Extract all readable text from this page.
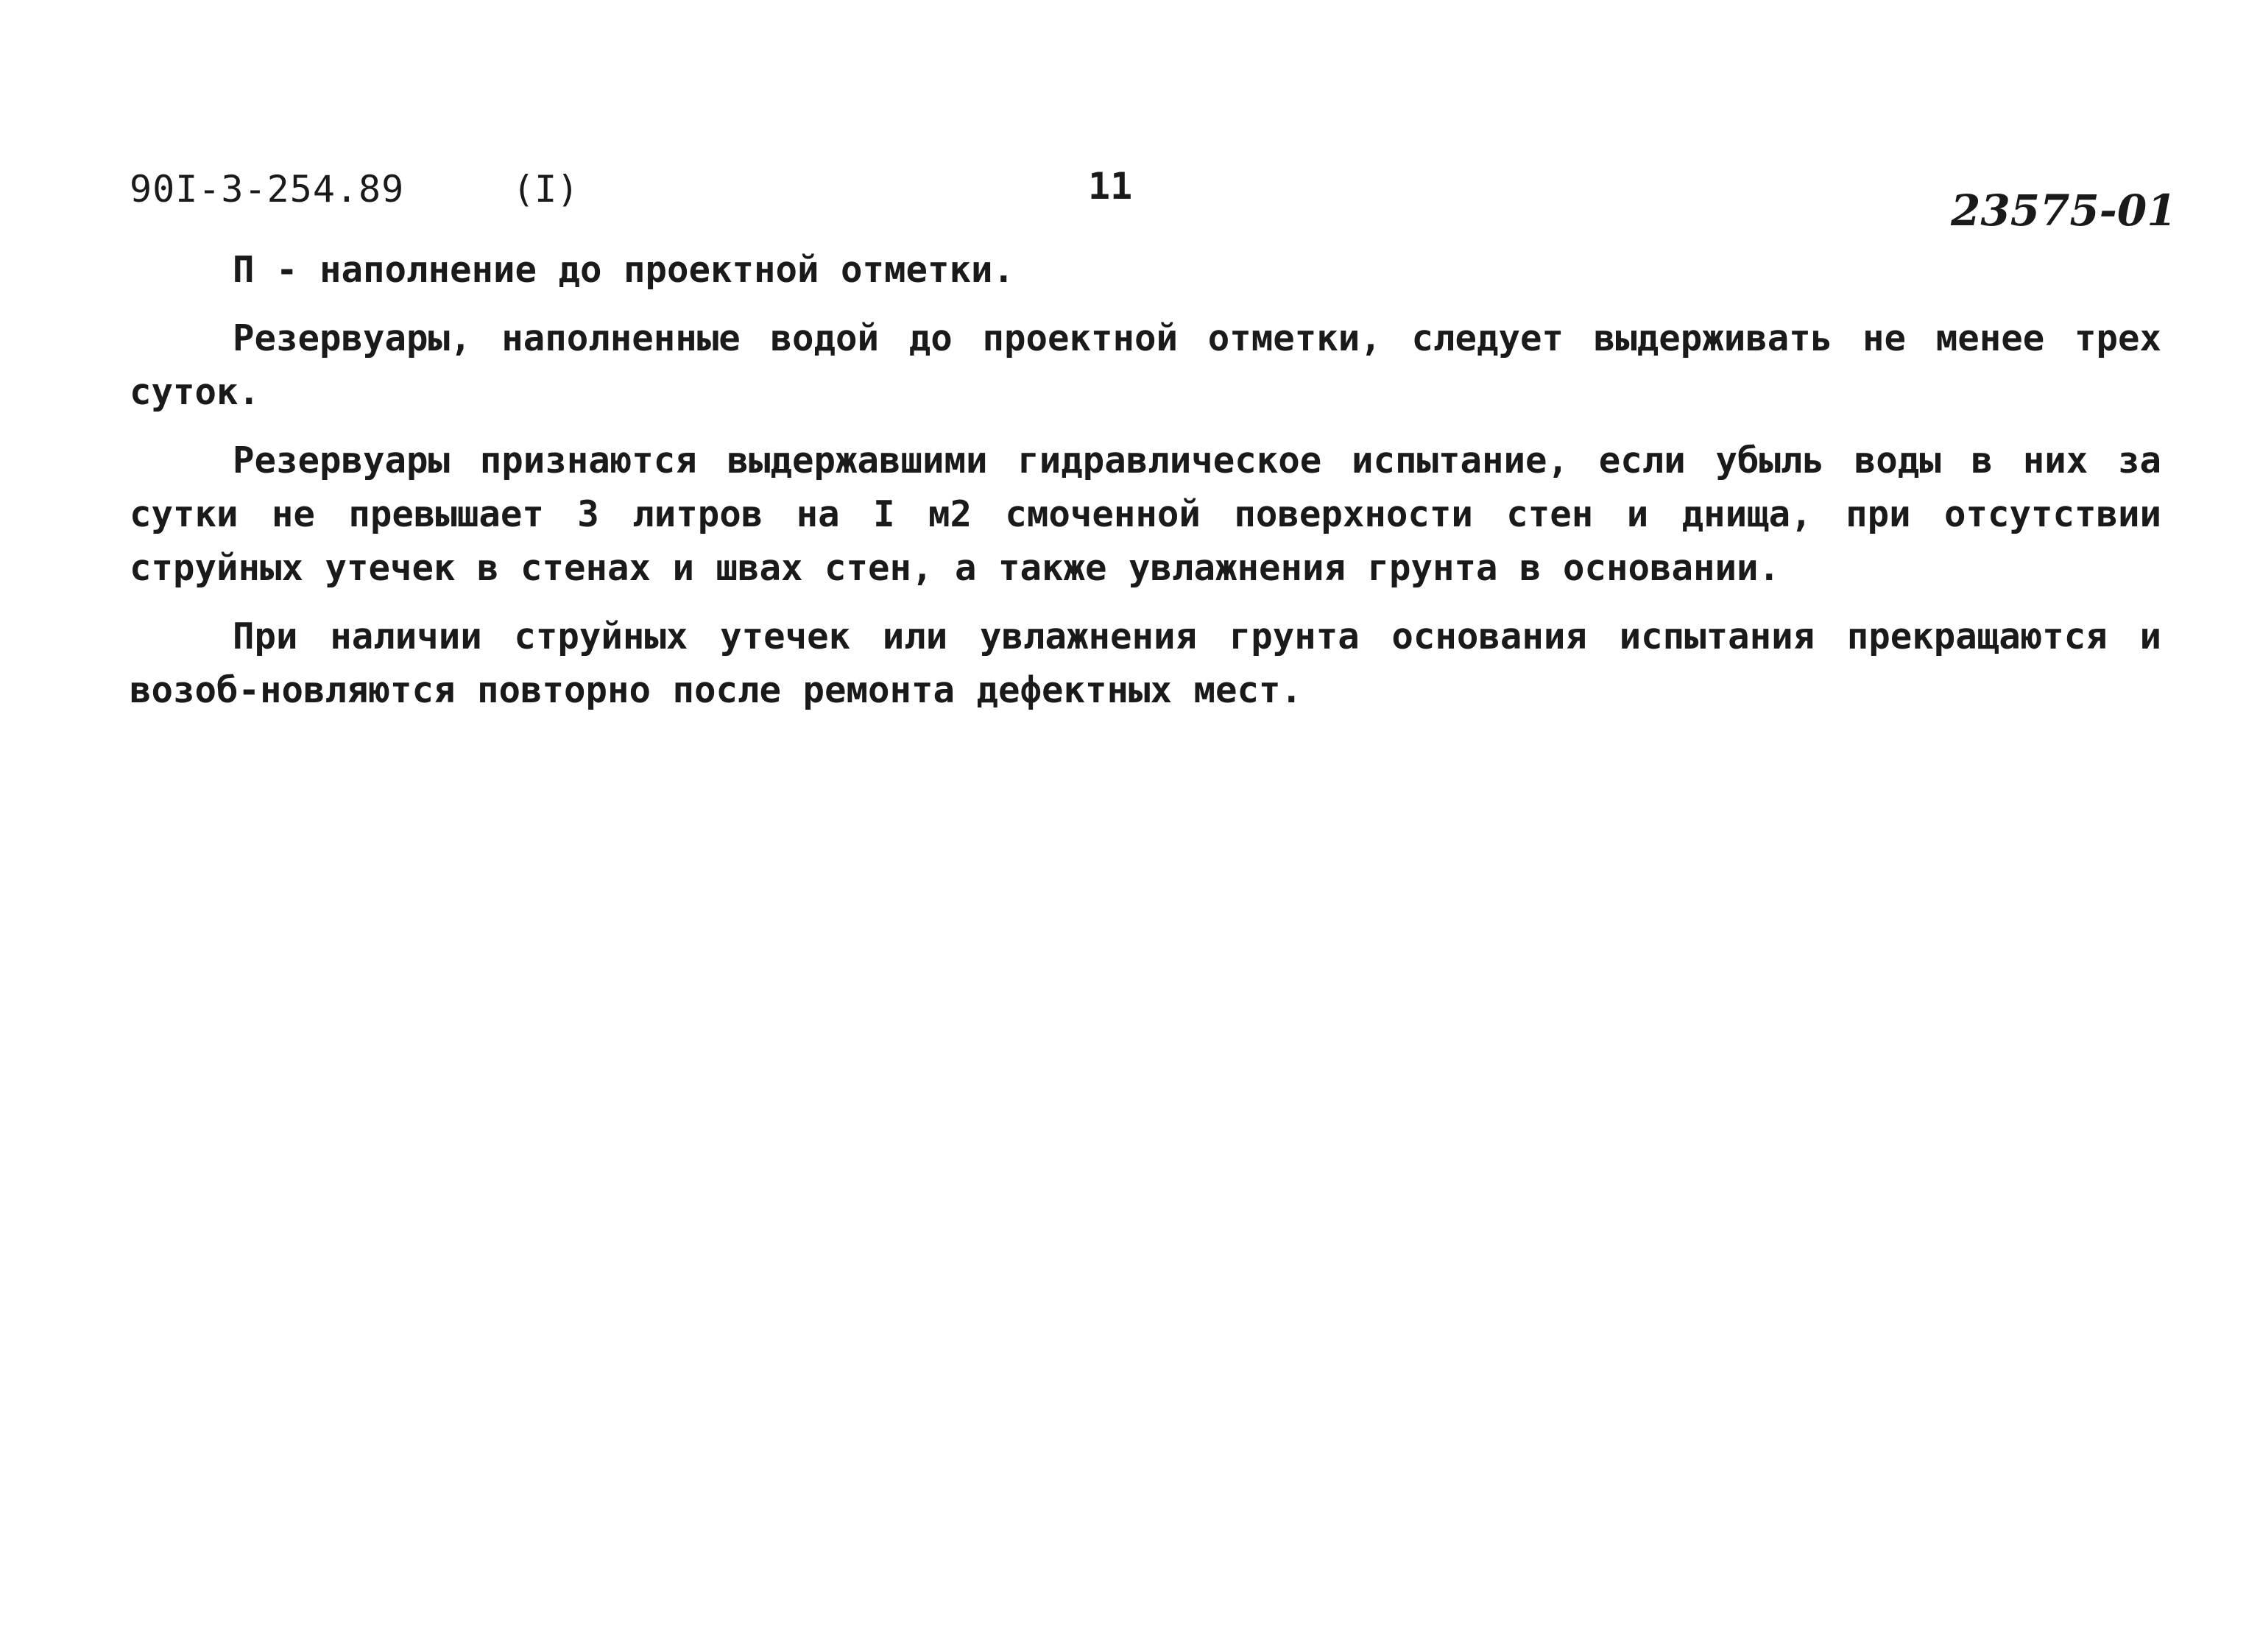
90I-3-254.89	(I)	11	23575-01

П - наполнение до проектной отметки.

Резервуары, наполненные водой до проектной отметки, следует выдерживать не менее трех суток.

Резервуары признаются выдержавшими гидравлическое испытание, если убыль воды в них за сутки не превышает 3 литров на I м2 смоченной поверхности стен и днища, при отсутствии струйных утечек в стенах и швах стен, а также увлажнения грунта в основании.

При наличии струйных утечек или увлажнения грунта основания испытания прекращаются и возоб-новляются повторно после ремонта дефектных мест.
